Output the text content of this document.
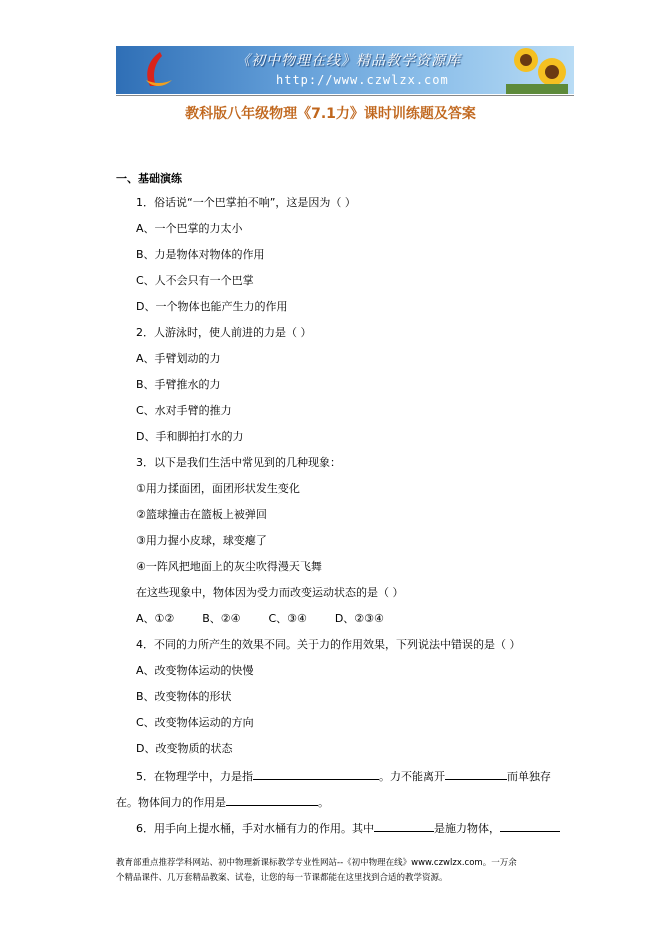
《初中物理在线》精品教学资源库
http://www.czwlzx.com
教科版八年级物理《7.1力》课时训练题及答案
一、基础演练
1．俗话说“一个巴掌拍不响”，这是因为（ ）
A、一个巴掌的力太小
B、力是物体对物体的作用
C、人不会只有一个巴掌
D、一个物体也能产生力的作用
2．人游泳时，使人前进的力是（ ）
A、手臂划动的力
B、手臂推水的力
C、水对手臂的推力
D、手和脚拍打水的力
3．以下是我们生活中常见到的几种现象：
①用力揉面团，面团形状发生变化
②篮球撞击在篮板上被弹回
③用力握小皮球，球变瘪了
④一阵风把地面上的灰尘吹得漫天飞舞
在这些现象中，物体因为受力而改变运动状态的是（ ）
A、①②        B、②④        C、③④        D、②③④
4．不同的力所产生的效果不同。关于力的作用效果，下列说法中错误的是（ ）
A、改变物体运动的快慢
B、改变物体的形状
C、改变物体运动的方向
D、改变物质的状态
5．在物理学中，力是指	。力不能离开	而单独存
在。物体间力的作用是	。
6．用手向上提水桶，手对水桶有力的作用。其中	是施力物体，
教育部重点推荐学科网站、初中物理新课标教学专业性网站--《初中物理在线》www.czwlzx.com。一万余
个精品课件、几万套精品教案、试卷，让您的每一节课都能在这里找到合适的教学资源。
